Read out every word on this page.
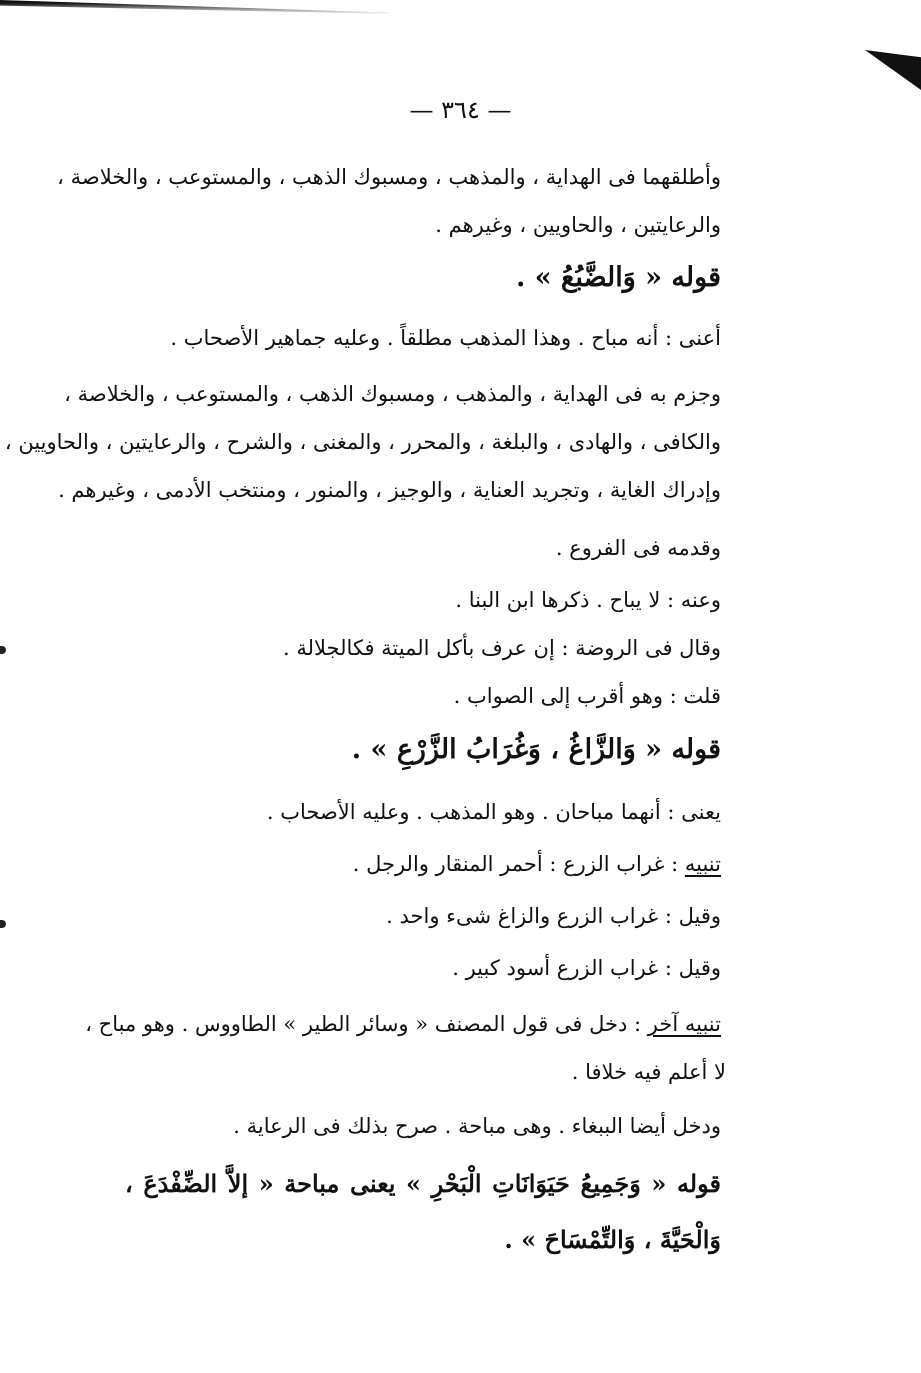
— ٣٦٤ —
وأطلقهما فى الهداية ، والمذهب ، ومسبوك الذهب ، والمستوعب ، والخلاصة ،
والرعايتين ، والحاويين ، وغيرهم .
قوله « وَالضَّبُعُ » .
أعنى : أنه مباح . وهذا المذهب مطلقاً . وعليه جماهير الأصحاب .
وجزم به فى الهداية ، والمذهب ، ومسبوك الذهب ، والمستوعب ، والخلاصة ،
والكافى ، والهادى ، والبلغة ، والمحرر ، والمغنى ، والشرح ، والرعايتين ، والحاويين ،
وإدراك الغاية ، وتجريد العناية ، والوجيز ، والمنور ، ومنتخب الأدمى ، وغيرهم .
وقدمه فى الفروع .
وعنه : لا يباح . ذكرها ابن البنا .
وقال فى الروضة : إن عرف بأكل الميتة فكالجلالة .
قلت : وهو أقرب إلى الصواب .
قوله « وَالزَّاغُ ، وَغُرَابُ الزَّرْعِ » .
يعنى : أنهما مباحان . وهو المذهب . وعليه الأصحاب .
تنبيه : غراب الزرع : أحمر المنقار والرجل .
وقيل : غراب الزرع والزاغ شىء واحد .
وقيل : غراب الزرع أسود كبير .
تنبيه آخر : دخل فى قول المصنف « وسائر الطير » الطاووس . وهو مباح ،
لا أعلم فيه خلافا .
ودخل أيضا الببغاء . وهى مباحة . صرح بذلك فى الرعاية .
قوله « وَجَمِيعُ حَيَوَانَاتِ الْبَحْرِ » يعنى مباحة « إلاَّ الضِّفْدَعَ ،
وَالْحَيَّةَ ، وَالتِّمْسَاحَ » .
